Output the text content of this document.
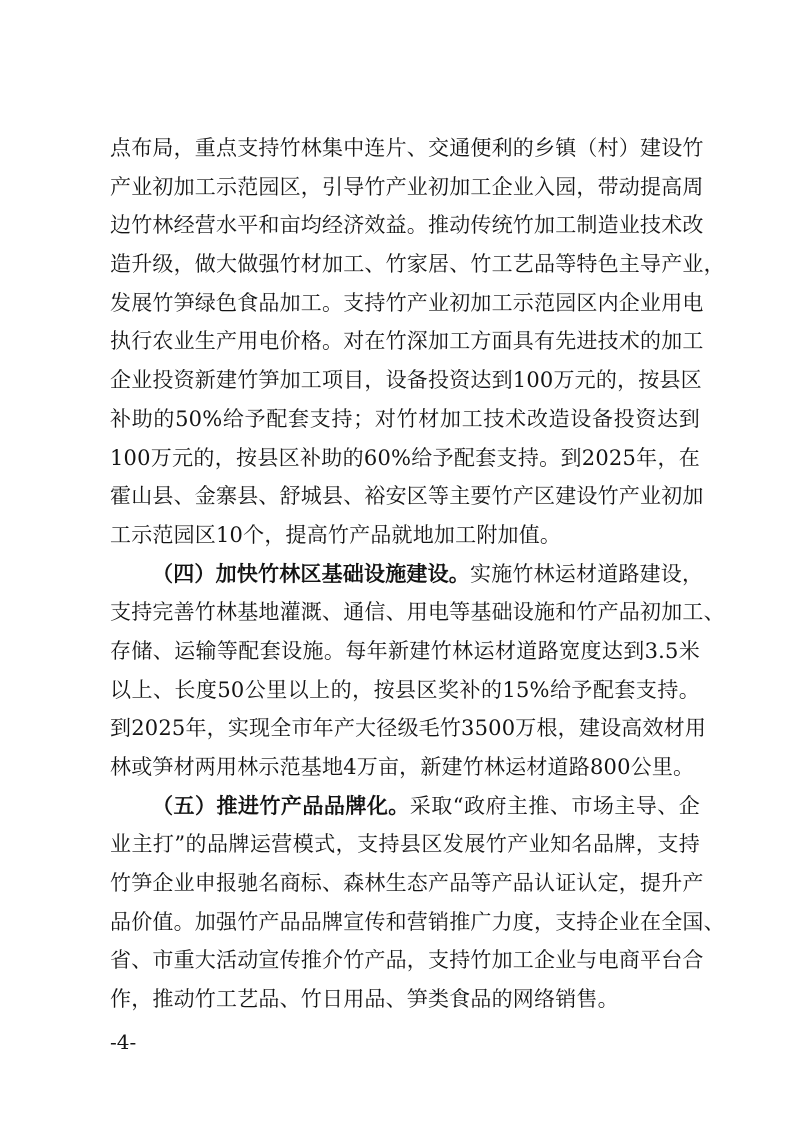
点布局，重点支持竹林集中连片、交通便利的乡镇（村）建设竹
产业初加工示范园区，引导竹产业初加工企业入园，带动提高周
边竹林经营水平和亩均经济效益。推动传统竹加工制造业技术改
造升级，做大做强竹材加工、竹家居、竹工艺品等特色主导产业，
发展竹笋绿色食品加工。支持竹产业初加工示范园区内企业用电
执行农业生产用电价格。对在竹深加工方面具有先进技术的加工
企业投资新建竹笋加工项目，设备投资达到100万元的，按县区
补助的50%给予配套支持；对竹材加工技术改造设备投资达到
100万元的，按县区补助的60%给予配套支持。到2025年，在
霍山县、金寨县、舒城县、裕安区等主要竹产区建设竹产业初加
工示范园区10个，提高竹产品就地加工附加值。
（四）加快竹林区基础设施建设。实施竹林运材道路建设，
支持完善竹林基地灌溉、通信、用电等基础设施和竹产品初加工、
存储、运输等配套设施。每年新建竹林运材道路宽度达到3.5米
以上、长度50公里以上的，按县区奖补的15%给予配套支持。
到2025年，实现全市年产大径级毛竹3500万根，建设高效材用
林或笋材两用林示范基地4万亩，新建竹林运材道路800公里。
（五）推进竹产品品牌化。采取“政府主推、市场主导、企
业主打”的品牌运营模式，支持县区发展竹产业知名品牌，支持
竹笋企业申报驰名商标、森林生态产品等产品认证认定，提升产
品价值。加强竹产品品牌宣传和营销推广力度，支持企业在全国、
省、市重大活动宣传推介竹产品，支持竹加工企业与电商平台合
作，推动竹工艺品、竹日用品、笋类食品的网络销售。
-4-
